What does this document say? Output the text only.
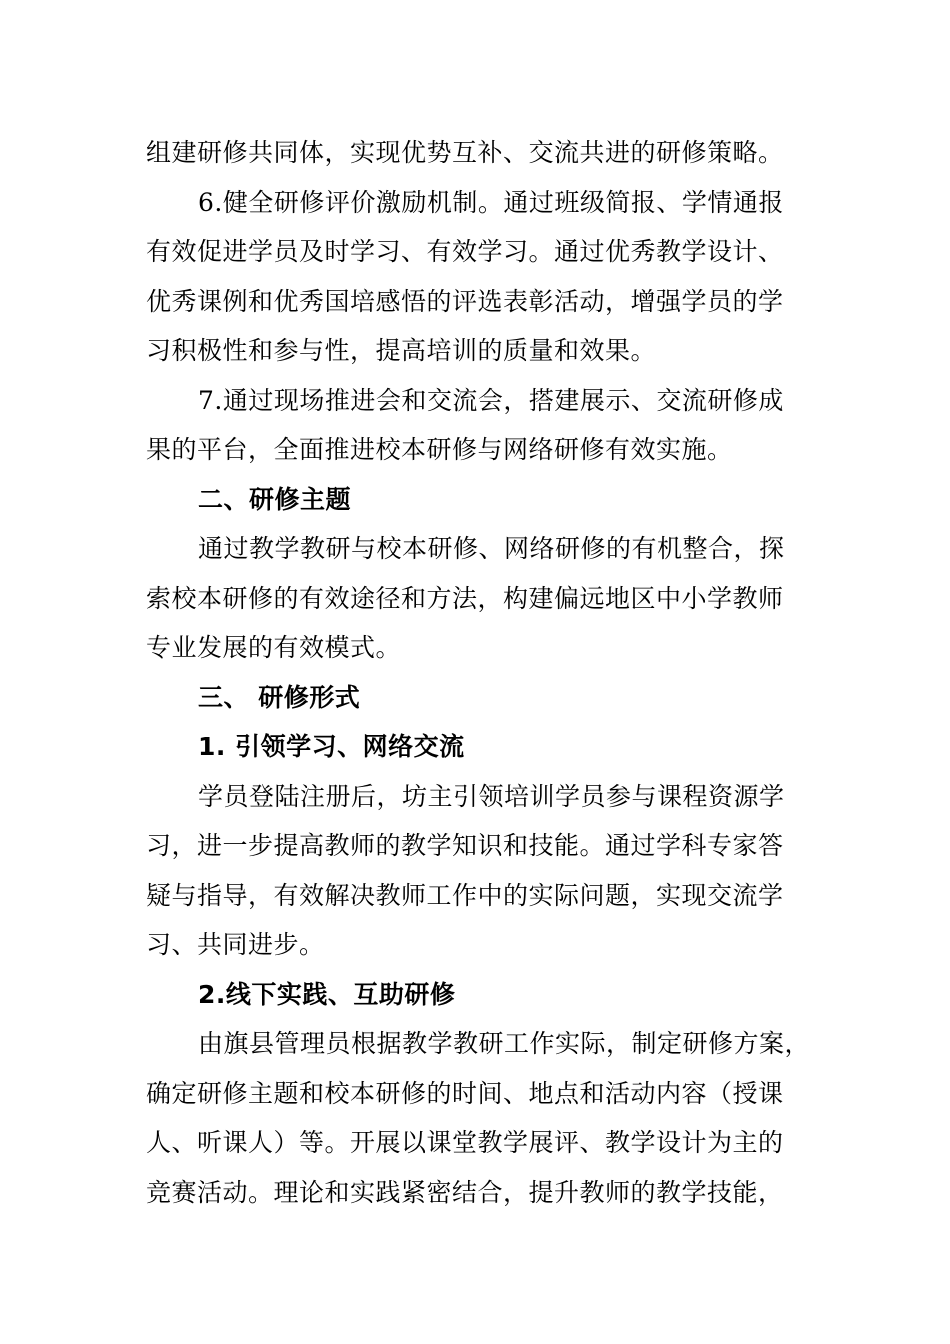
组建研修共同体，实现优势互补、交流共进的研修策略。
6.健全研修评价激励机制。通过班级简报、学情通报
有效促进学员及时学习、有效学习。通过优秀教学设计、
优秀课例和优秀国培感悟的评选表彰活动，增强学员的学
习积极性和参与性，提高培训的质量和效果。
7.通过现场推进会和交流会，搭建展示、交流研修成
果的平台，全面推进校本研修与网络研修有效实施。
二、研修主题
通过教学教研与校本研修、网络研修的有机整合，探
索校本研修的有效途径和方法，构建偏远地区中小学教师
专业发展的有效模式。
三、 研修形式
1. 引领学习、网络交流
学员登陆注册后，坊主引领培训学员参与课程资源学
习，进一步提高教师的教学知识和技能。通过学科专家答
疑与指导，有效解决教师工作中的实际问题，实现交流学
习、共同进步。
2.线下实践、互助研修
由旗县管理员根据教学教研工作实际，制定研修方案，
确定研修主题和校本研修的时间、地点和活动内容（授课
人、听课人）等。开展以课堂教学展评、教学设计为主的
竞赛活动。理论和实践紧密结合，提升教师的教学技能，
